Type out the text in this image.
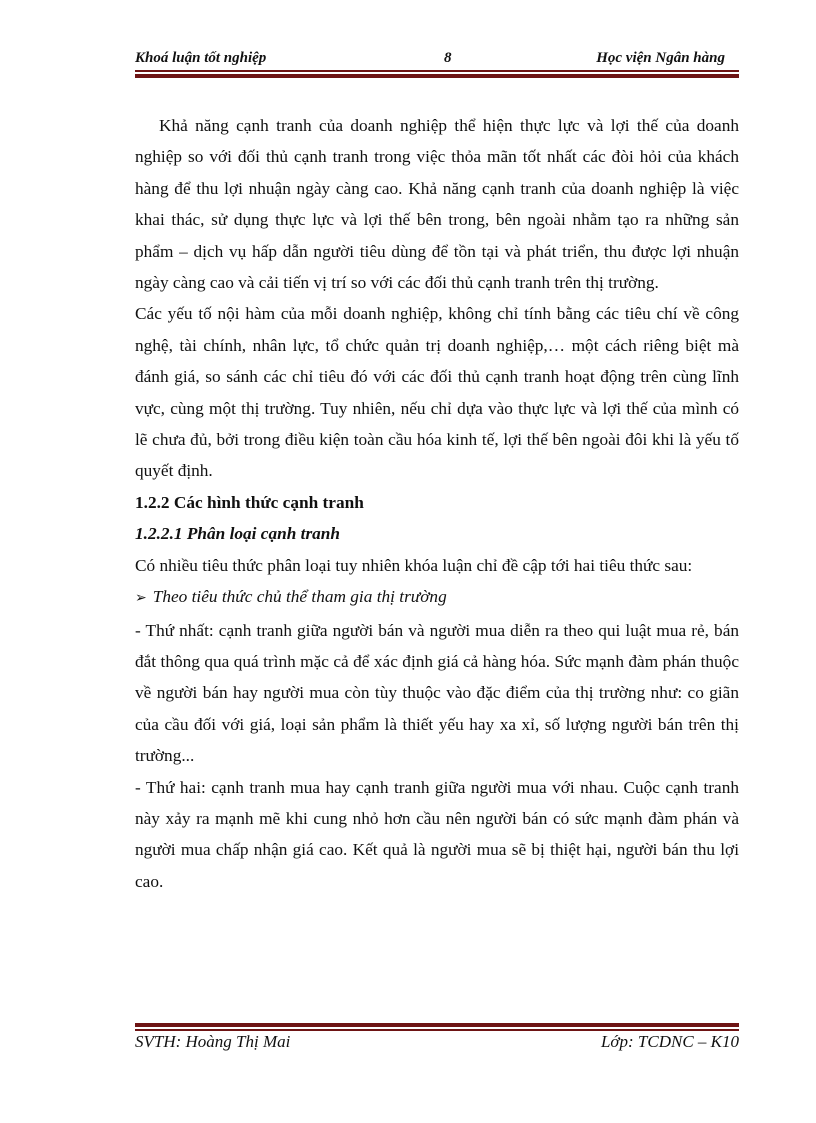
Khoá luận tốt nghiệp	8	Học viện Ngân hàng

Khả năng cạnh tranh của doanh nghiệp thể hiện thực lực và lợi thế của doanh nghiệp so với đối thủ cạnh tranh trong việc thỏa mãn tốt nhất các đòi hỏi của khách hàng để thu lợi nhuận ngày càng cao. Khả năng cạnh tranh của doanh nghiệp là việc khai thác, sử dụng thực lực và lợi thế bên trong, bên ngoài nhằm tạo ra những sản phẩm – dịch vụ hấp dẫn người tiêu dùng để tồn tại và phát triển, thu được lợi nhuận ngày càng cao và cải tiến vị trí so với các đối thủ cạnh tranh trên thị trường.

Các yếu tố nội hàm của mỗi doanh nghiệp, không chỉ tính bằng các tiêu chí về công nghệ, tài chính, nhân lực, tổ chức quản trị doanh nghiệp,… một cách riêng biệt mà đánh giá, so sánh các chỉ tiêu đó với các đối thủ cạnh tranh hoạt động trên cùng lĩnh vực, cùng một thị trường. Tuy nhiên, nếu chỉ dựa vào thực lực và lợi thế của mình có lẽ chưa đủ, bởi trong điều kiện toàn cầu hóa kinh tế, lợi thế bên ngoài đôi khi là yếu tố quyết định.

1.2.2 Các hình thức cạnh tranh

1.2.2.1 Phân loại cạnh tranh

Có nhiều tiêu thức phân loại tuy nhiên khóa luận chỉ đề cập tới hai tiêu thức sau:

➢ Theo tiêu thức chủ thể tham gia thị trường

- Thứ nhất: cạnh tranh giữa người bán và người mua diễn ra theo qui luật mua rẻ, bán đắt thông qua quá trình mặc cả để xác định giá cả hàng hóa. Sức mạnh đàm phán thuộc về người bán hay người mua còn tùy thuộc vào đặc điểm của thị trường như: co giãn của cầu đối với giá, loại sản phẩm là thiết yếu hay xa xỉ, số lượng người bán trên thị trường...

- Thứ hai: cạnh tranh mua hay cạnh tranh giữa người mua với nhau. Cuộc cạnh tranh này xảy ra mạnh mẽ khi cung nhỏ hơn cầu nên người bán có sức mạnh đàm phán và người mua chấp nhận giá cao. Kết quả là người mua sẽ bị thiệt hại, người bán thu lợi cao.

SVTH: Hoàng Thị Mai	Lớp: TCDNC – K10
